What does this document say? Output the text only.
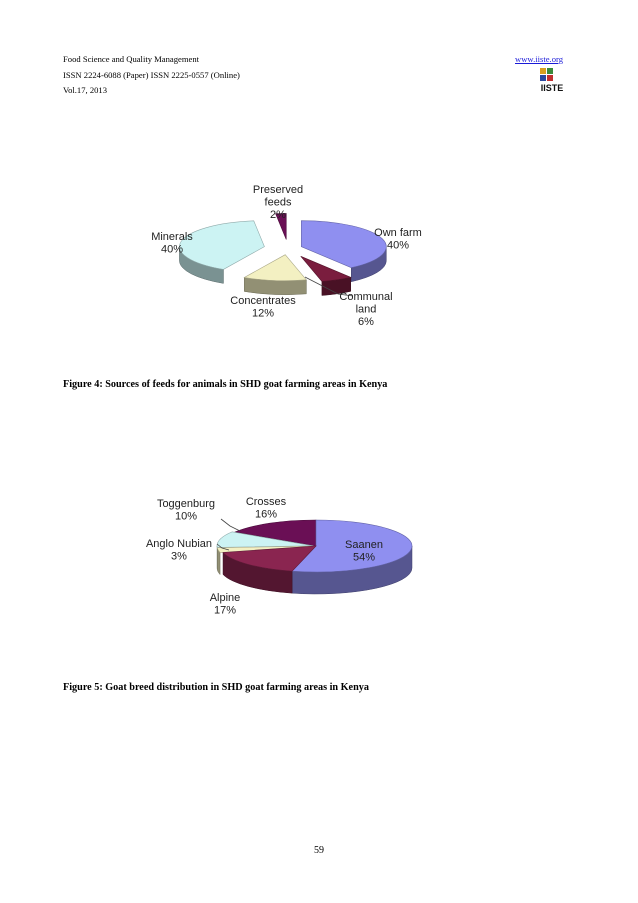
Food Science and Quality Management
ISSN 2224-6088 (Paper) ISSN 2225-0557 (Online)
Vol.17, 2013
www.iiste.org
IISTE
Own farm 40%
Communal land 6%
Concentrates 12%
Minerals 40%
Preserved feeds 2%
Figure 4: Sources of feeds for animals in SHD goat farming areas in Kenya
Saanen 54%
Alpine 17%
Anglo Nubian 3%
Toggenburg 10%
Crosses 16%
Figure 5: Goat breed distribution in SHD goat farming areas in Kenya
59
